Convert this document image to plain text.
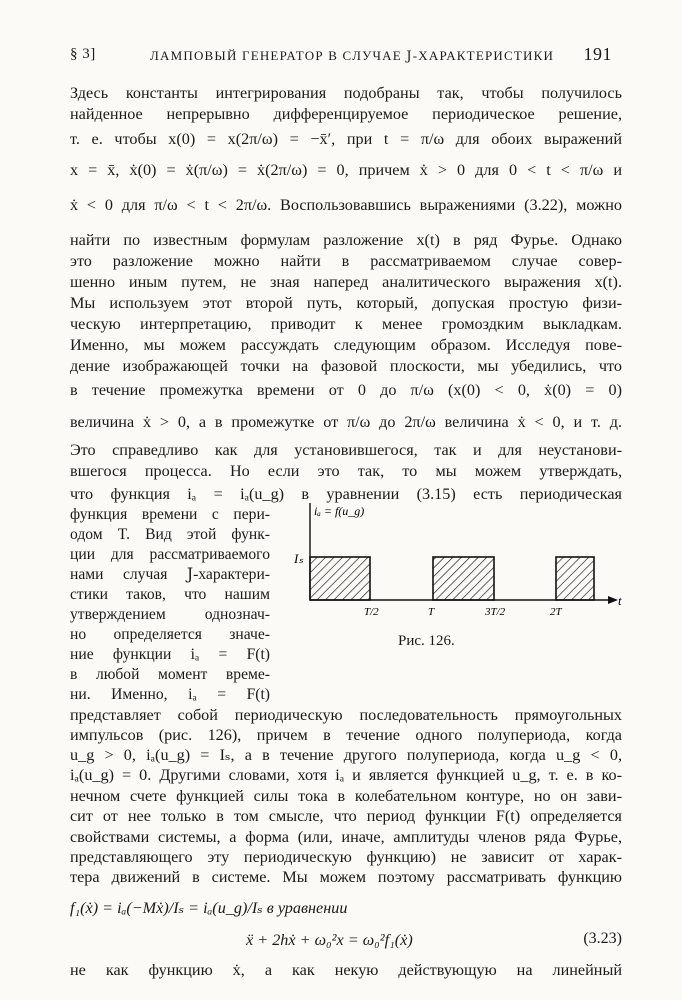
§ 3]	ЛАМПОВЫЙ ГЕНЕРАТОР В СЛУЧАЕ Ϳ-ХАРАКТЕРИСТИКИ 191
Здесь константы интегрирования подобраны так, чтобы получилось
найденное непрерывно дифференцируемое периодическое решение,
т. е. чтобы x(0) = x(2π/ω) = −x̄′, при t = π/ω для обоих выражений
x = x̄, ẋ(0) = ẋ(π/ω) = ẋ(2π/ω) = 0, причем ẋ > 0 для 0 < t < π/ω и
ẋ < 0 для π/ω < t < 2π/ω. Воспользовавшись выражениями (3.22), можно
найти по известным формулам разложение x(t) в ряд Фурье. Однако
это разложение можно найти в рассматриваемом случае совер-
шенно иным путем, не зная наперед аналитического выражения x(t).
Мы используем этот второй путь, который, допуская простую физи-
ческую интерпретацию, приводит к менее громоздким выкладкам.
Именно, мы можем рассуждать следующим образом. Исследуя пове-
дение изображающей точки на фазовой плоскости, мы убедились, что
в течение промежутка времени от 0 до π/ω (x(0) < 0, ẋ(0) = 0)
величина ẋ > 0, а в промежутке от π/ω до 2π/ω величина ẋ < 0, и т. д.
Это справедливо как для установившегося, так и для неустанови-
вшегося процесса. Но если это так, то мы можем утверждать,
что функция iₐ = iₐ(u_g) в уравнении (3.15) есть периодическая
функция времени с пери-
одом T. Вид этой функ-
ции для рассматриваемого
нами случая Ϳ-характери-
стики таков, что нашим
утверждением однознач-
но определяется значе-
ние функции iₐ = F(t)
в любой момент време-
ни. Именно, iₐ = F(t)
iₐ = f(u_g)
Iₛ
t
T/2	T	3T/2	2T
Рис. 126.
представляет собой периодическую последовательность прямоугольных
импульсов (рис. 126), причем в течение одного полупериода, когда
u_g > 0, iₐ(u_g) = Iₛ, а в течение другого полупериода, когда u_g < 0,
iₐ(u_g) = 0. Другими словами, хотя iₐ и является функцией u_g, т. е. в ко-
нечном счете функцией силы тока в колебательном контуре, но он зави-
сит от нее только в том смысле, что период функции F(t) определяется
свойствами системы, а форма (или, иначе, амплитуды членов ряда Фурье,
представляющего эту периодическую функцию) не зависит от харак-
тера движений в системе. Мы можем поэтому рассматривать функцию
f₁(ẋ) = iₐ(−Mẋ)/Iₛ = iₐ(u_g)/Iₛ в уравнении
ẍ + 2hẋ + ω₀²x = ω₀²f₁(ẋ)	(3.23)
не как функцию ẋ, а как некую действующую на линейный
